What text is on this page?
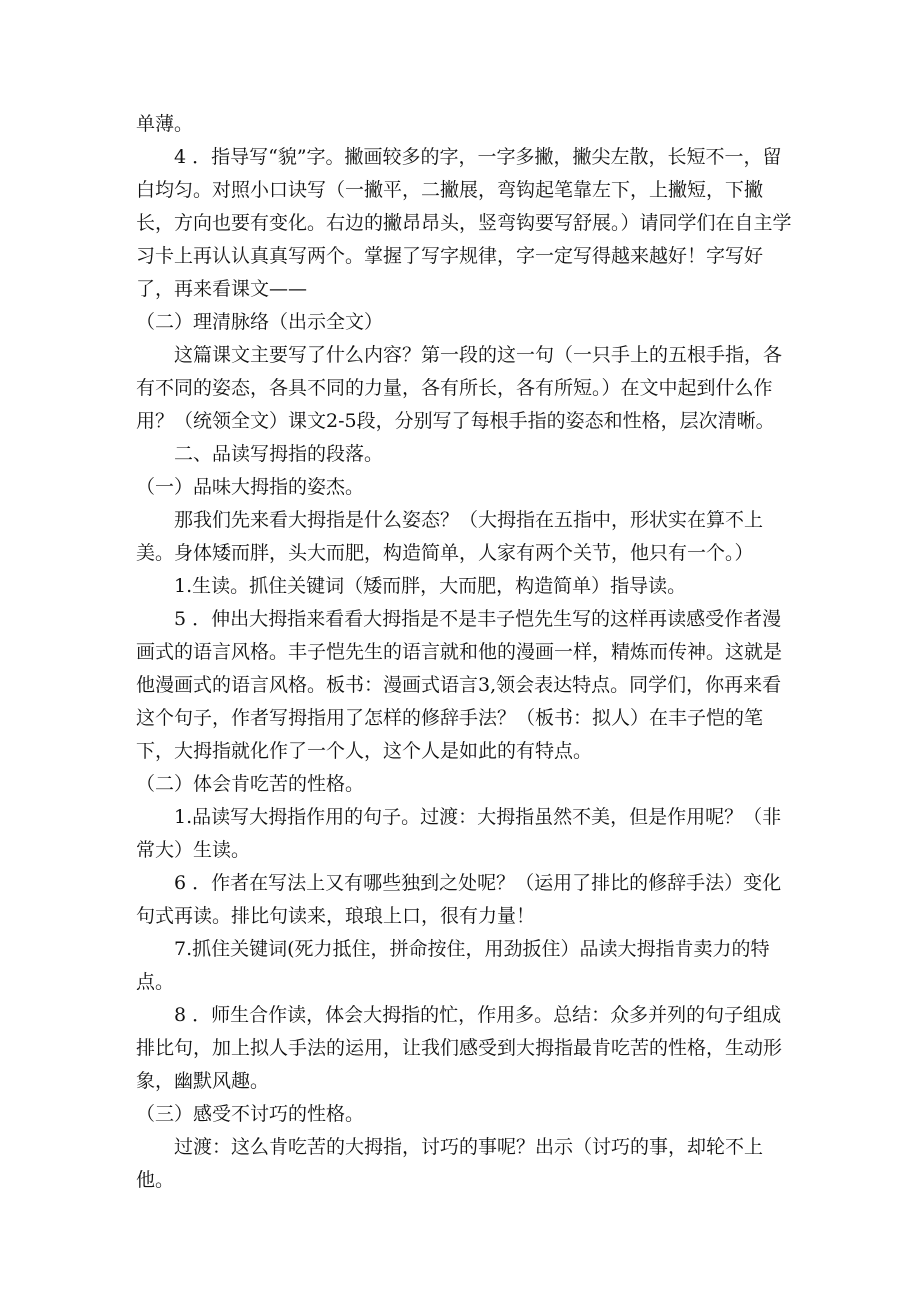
单薄。

4 ．指导写“貌”字。撇画较多的字，一字多撇，撇尖左散，长短不一，留白均匀。对照小口诀写（一撇平，二撇展，弯钩起笔靠左下，上撇短，下撇长，方向也要有变化。右边的撇昂昂头，竖弯钩要写舒展。）请同学们在自主学习卡上再认认真真写两个。掌握了写字规律，字一定写得越来越好！字写好了，再来看课文——

（二）理清脉络（出示全文）

这篇课文主要写了什么内容？第一段的这一句（一只手上的五根手指，各有不同的姿态，各具不同的力量，各有所长，各有所短。）在文中起到什么作用？（统领全文）课文2-5段，分别写了每根手指的姿态和性格，层次清晰。

二、品读写拇指的段落。

（一）品味大拇指的姿杰。

那我们先来看大拇指是什么姿态？（大拇指在五指中，形状实在算不上美。身体矮而胖，头大而肥，构造简单，人家有两个关节，他只有一个。）

1.生读。抓住关键词（矮而胖，大而肥，构造简单）指导读。

5 ．伸出大拇指来看看大拇指是不是丰子恺先生写的这样再读感受作者漫画式的语言风格。丰子恺先生的语言就和他的漫画一样，精炼而传神。这就是他漫画式的语言风格。板书：漫画式语言3,领会表达特点。同学们，你再来看这个句子，作者写拇指用了怎样的修辞手法？（板书：拟人）在丰子恺的笔下，大拇指就化作了一个人，这个人是如此的有特点。

（二）体会肯吃苦的性格。

1.品读写大拇指作用的句子。过渡：大拇指虽然不美，但是作用呢？（非常大）生读。

6 ．作者在写法上又有哪些独到之处呢？（运用了排比的修辞手法）变化句式再读。排比句读来，琅琅上口，很有力量！

7.抓住关键词(死力抵住，拼命按住，用劲扳住）品读大拇指肯卖力的特点。

8 ．师生合作读，体会大拇指的忙，作用多。总结：众多并列的句子组成排比句，加上拟人手法的运用，让我们感受到大拇指最肯吃苦的性格，生动形象，幽默风趣。

（三）感受不讨巧的性格。

过渡：这么肯吃苦的大拇指，讨巧的事呢？出示（讨巧的事，却轮不上他。
